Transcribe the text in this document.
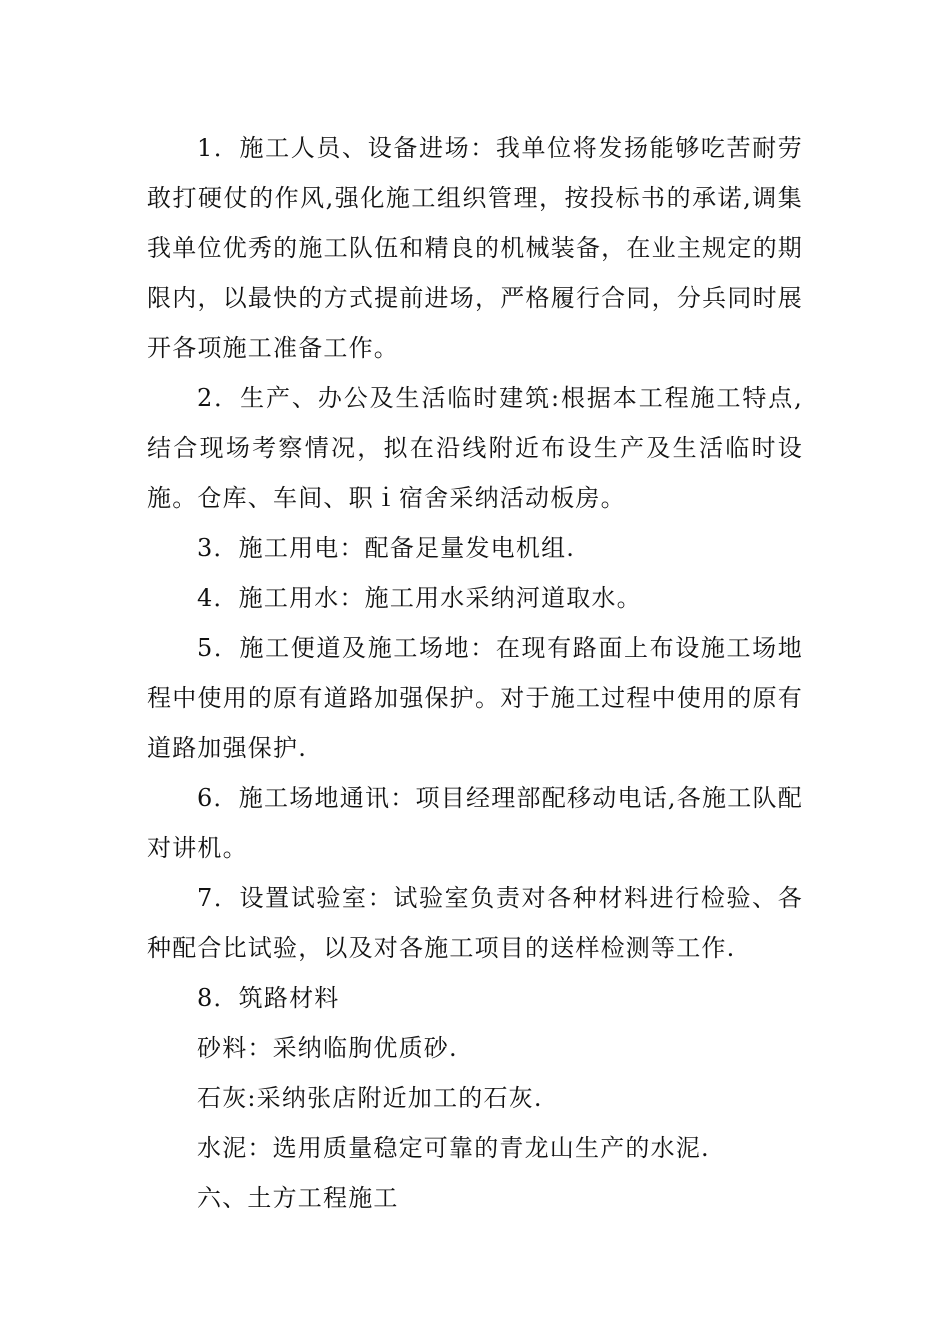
1．施工人员、设备进场：我单位将发扬能够吃苦耐劳敢打硬仗的作风,强化施工组织管理，按投标书的承诺,调集我单位优秀的施工队伍和精良的机械装备，在业主规定的期限内，以最快的方式提前进场，严格履行合同，分兵同时展开各项施工准备工作。

2．生产、办公及生活临时建筑:根据本工程施工特点,结合现场考察情况，拟在沿线附近布设生产及生活临时设施。仓库、车间、职ｉ宿舍采纳活动板房。

3．施工用电：配备足量发电机组.

4．施工用水：施工用水采纳河道取水。

5．施工便道及施工场地：在现有路面上布设施工场地程中使用的原有道路加强保护。对于施工过程中使用的原有道路加强保护.

6．施工场地通讯：项目经理部配移动电话,各施工队配对讲机。

7．设置试验室：试验室负责对各种材料进行检验、各种配合比试验，以及对各施工项目的送样检测等工作.

8．筑路材料

砂料：采纳临朐优质砂.

石灰:采纳张店附近加工的石灰.

水泥：选用质量稳定可靠的青龙山生产的水泥.

六、土方工程施工
